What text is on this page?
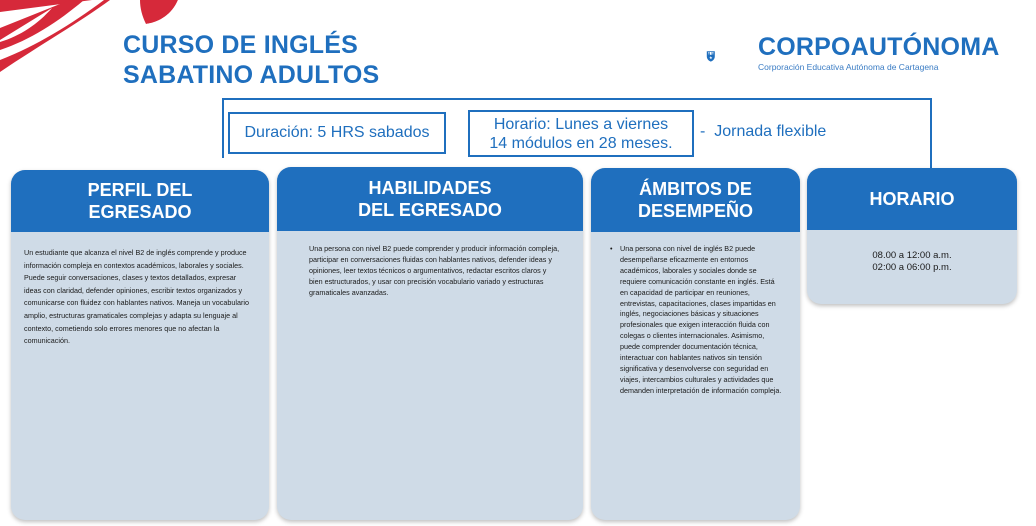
CURSO DE INGLÉS
SABATINO ADULTOS
CORPOAUTÓNOMA
Corporación Educativa Autónoma de Cartagena
Duración: 5 HRS sabados	Horario: Lunes a viernes
14 módulos en 28 meses.
- Jornada flexible
PERFIL DEL
EGRESADO
Un estudiante que alcanza el nivel B2 de inglés comprende y produce información compleja en contextos académicos, laborales y sociales. Puede seguir conversaciones, clases y textos detallados, expresar ideas con claridad, defender opiniones, escribir textos organizados y comunicarse con fluidez con hablantes nativos. Maneja un vocabulario amplio, estructuras gramaticales complejas y adapta su lenguaje al contexto, cometiendo solo errores menores que no afectan la comunicación.
HABILIDADES
DEL EGRESADO
Una persona con nivel B2 puede comprender y producir información compleja, participar en conversaciones fluidas con hablantes nativos, defender ideas y opiniones, leer textos técnicos o argumentativos, redactar escritos claros y bien estructurados, y usar con precisión vocabulario variado y estructuras gramaticales avanzadas.
ÁMBITOS DE
DESEMPEÑO
•	Una persona con nivel de inglés B2 puede desempeñarse eficazmente en entornos académicos, laborales y sociales donde se requiere comunicación constante en inglés. Está en capacidad de participar en reuniones, entrevistas, capacitaciones, clases impartidas en inglés, negociaciones básicas y situaciones profesionales que exigen interacción fluida con colegas o clientes internacionales. Asimismo, puede comprender documentación técnica, interactuar con hablantes nativos sin tensión significativa y desenvolverse con seguridad en viajes, intercambios culturales y actividades que demanden interpretación de información compleja.
HORARIO
08.00 a 12:00 a.m.
02:00 a 06:00 p.m.
